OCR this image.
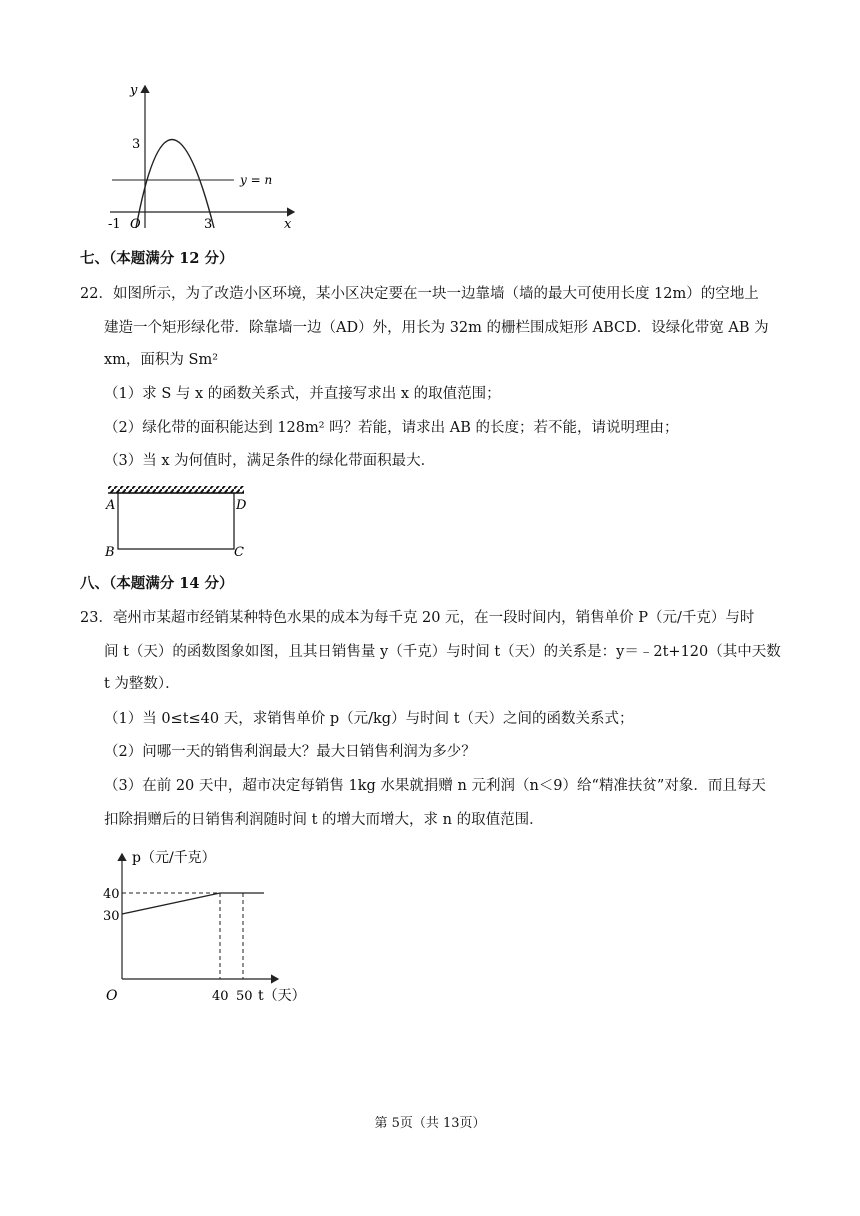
y
x
O
3
-1	3
y = n
七、（本题满分 12 分）
22．如图所示，为了改造小区环境，某小区决定要在一块一边靠墙（墙的最大可使用长度 12m）的空地上
建造一个矩形绿化带．除靠墙一边（AD）外，用长为 32m 的栅栏围成矩形 ABCD．设绿化带宽 AB 为
xm，面积为 Sm²
（1）求 S 与 x 的函数关系式，并直接写求出 x 的取值范围；
（2）绿化带的面积能达到 128m² 吗？若能，请求出 AB 的长度；若不能，请说明理由；
（3）当 x 为何值时，满足条件的绿化带面积最大．
A	D
B	C
八、（本题满分 14 分）
23．亳州市某超市经销某种特色水果的成本为每千克 20 元，在一段时间内，销售单价 P（元/千克）与时
间 t（天）的函数图象如图，且其日销售量 y（千克）与时间 t（天）的关系是：y＝﹣2t+120（其中天数
t 为整数）．
（1）当 0≤t≤40 天，求销售单价 p（元/kg）与时间 t（天）之间的函数关系式；
（2）问哪一天的销售利润最大？最大日销售利润为多少？
（3）在前 20 天中，超市决定每销售 1kg 水果就捐赠 n 元利润（n＜9）给“精准扶贫”对象．而且每天
扣除捐赠后的日销售利润随时间 t 的增大而增大，求 n 的取值范围．
p（元/千克）
t（天）
O
40
30
40 50
第 5页（共 13页）
